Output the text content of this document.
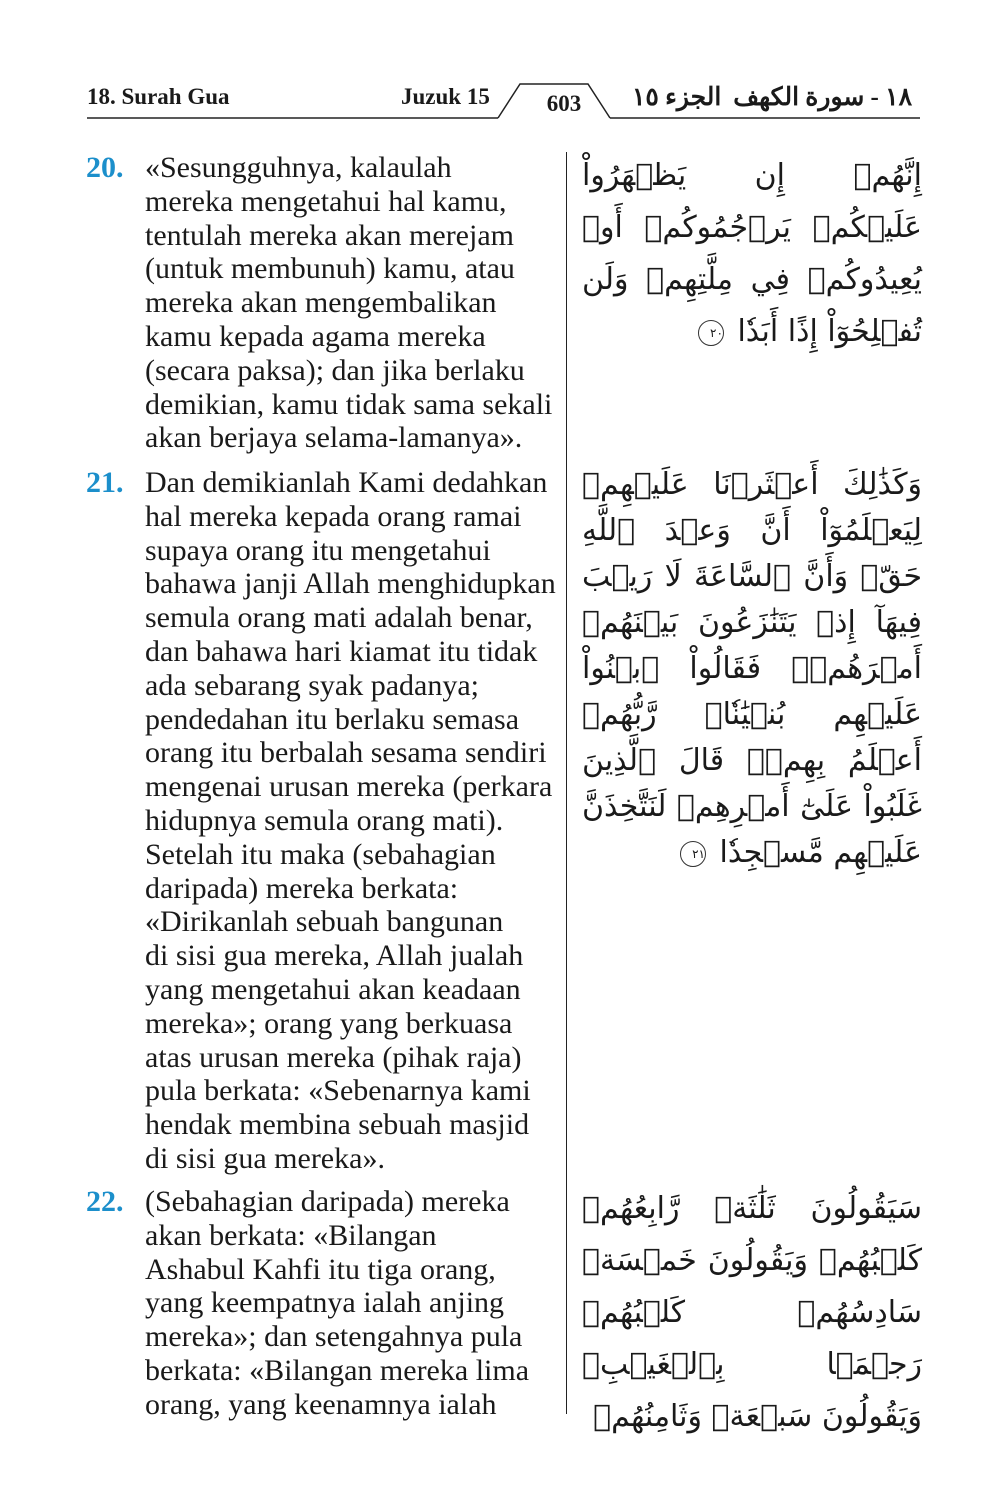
18. Surah Gua	Juzuk 15	603	الجزء ١٥ ١٨ - سورة الكهف
20. «Sesungguhnya, kalaulah
mereka mengetahui hal kamu,
tentulah mereka akan merejam
(untuk membunuh) kamu, atau
mereka akan mengembalikan
kamu kepada agama mereka
(secara paksa); dan jika berlaku
demikian, kamu tidak sama sekali
akan berjaya selama-lamanya».
إِنَّهُمۡ إِن يَظۡهَرُواْ عَلَيۡكُمۡ يَرۡجُمُوكُمۡ أَوۡ يُعِيدُوكُمۡ فِي مِلَّتِهِمۡ وَلَن تُفۡلِحُوٓاْ إِذًا أَبَدٗا ٢٠
21. Dan demikianlah Kami dedahkan
hal mereka kepada orang ramai
supaya orang itu mengetahui
bahawa janji Allah menghidupkan
semula orang mati adalah benar,
dan bahawa hari kiamat itu tidak
ada sebarang syak padanya;
pendedahan itu berlaku semasa
orang itu berbalah sesama sendiri
mengenai urusan mereka (perkara
hidupnya semula orang mati).
Setelah itu maka (sebahagian
daripada) mereka berkata:
«Dirikanlah sebuah bangunan
di sisi gua mereka, Allah jualah
yang mengetahui akan keadaan
mereka»; orang yang berkuasa
atas urusan mereka (pihak raja)
pula berkata: «Sebenarnya kami
hendak membina sebuah masjid
di sisi gua mereka».
وَكَذَٰلِكَ أَعۡثَرۡنَا عَلَيۡهِمۡ لِيَعۡلَمُوٓاْ أَنَّ وَعۡدَ ٱللَّهِ حَقّٞ وَأَنَّ ٱلسَّاعَةَ لَا رَيۡبَ فِيهَآ إِذۡ يَتَنَٰزَعُونَ بَيۡنَهُمۡ أَمۡرَهُمۡۖ فَقَالُواْ ٱبۡنُواْ عَلَيۡهِم بُنۡيَٰنٗاۖ رَّبُّهُمۡ أَعۡلَمُ بِهِمۡۚ قَالَ ٱلَّذِينَ غَلَبُواْ عَلَىٰٓ أَمۡرِهِمۡ لَنَتَّخِذَنَّ عَلَيۡهِم مَّسۡجِدٗا ٢١
22. (Sebahagian daripada) mereka
akan berkata: «Bilangan
Ashabul Kahfi itu tiga orang,
yang keempatnya ialah anjing
mereka»; dan setengahnya pula
berkata: «Bilangan mereka lima
orang, yang keenamnya ialah
سَيَقُولُونَ ثَلَٰثَةٞ رَّابِعُهُمۡ كَلۡبُهُمۡ وَيَقُولُونَ خَمۡسَةٞ سَادِسُهُمۡ كَلۡبُهُمۡ رَجۡمَۢا بِٱلۡغَيۡبِۖ وَيَقُولُونَ سَبۡعَةٞ وَثَامِنُهُمۡ
